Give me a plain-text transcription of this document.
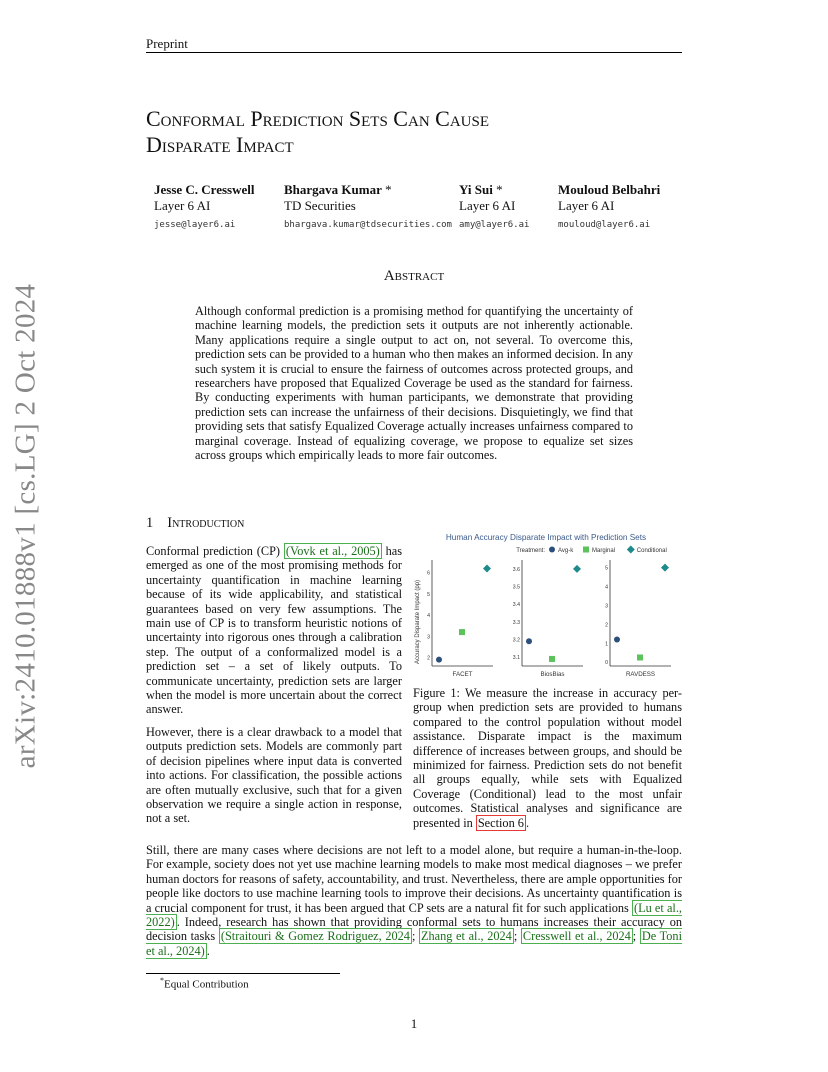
Preprint
arXiv:2410.01888v1 [cs.LG] 2 Oct 2024
Conformal Prediction Sets Can Cause
Disparate Impact
Jesse C. Cresswell
Layer 6 AI
jesse@layer6.ai
Bhargava Kumar *
TD Securities
bhargava.kumar@tdsecurities.com
Yi Sui *
Layer 6 AI
amy@layer6.ai
Mouloud Belbahri
Layer 6 AI
mouloud@layer6.ai
Abstract
Although conformal prediction is a promising method for quantifying the uncertainty of machine learning models, the prediction sets it outputs are not inherently actionable. Many applications require a single output to act on, not several. To overcome this, prediction sets can be provided to a human who then makes an informed decision. In any such system it is crucial to ensure the fairness of outcomes across protected groups, and researchers have proposed that Equalized Coverage be used as the standard for fairness. By conducting experiments with human participants, we demonstrate that providing prediction sets can increase the unfairness of their decisions. Disquietingly, we find that providing sets that satisfy Equalized Coverage actually increases unfairness compared to marginal coverage. Instead of equalizing coverage, we propose to equalize set sizes across groups which empirically leads to more fair outcomes.
1 Introduction

Conformal prediction (CP) (Vovk et al., 2005) has emerged as one of the most promising methods for uncertainty quantification in machine learning because of its wide applicability, and statistical guarantees based on very few assumptions. The main use of CP is to transform heuristic notions of uncertainty into rigorous ones through a calibration step. The output of a conformalized model is a prediction set – a set of likely outputs. To communicate uncertainty, prediction sets are larger when the model is more uncertain about the correct answer.

However, there is a clear drawback to a model that outputs prediction sets. Models are commonly part of decision pipelines where input data is converted into actions. For classification, the possible actions are often mutually exclusive, such that for a given observation we require a single action in response, not a set.

Human Accuracy Disparate Impact with Prediction Sets
Treatment: Avg-k	Marginal	Conditional
Accuracy Disparate Impact (pp) 2
3
4
5
6
FACET
3.1
3.2
3.3
3.4
3.5
3.6
BiosBias
0
1
2
3
4
5
RAVDESS

Figure 1: We measure the increase in accuracy per-group when prediction sets are provided to humans compared to the control population without model assistance. Disparate impact is the maximum difference of increases between groups, and should be minimized for fairness. Prediction sets do not benefit all groups equally, while sets with Equalized Coverage (Conditional) lead to the most unfair outcomes. Statistical analyses and significance are presented in Section 6 .

Still, there are many cases where decisions are not left to a model alone, but require a human-in-the-loop. For example, society does not yet use machine learning models to make most medical diagnoses – we prefer human doctors for reasons of safety, accountability, and trust. Nevertheless, there are ample opportunities for people like doctors to use machine learning tools to improve their decisions. As uncertainty quantification is a crucial component for trust, it has been argued that CP sets are a natural fit for such applications (Lu et al., 2022) . Indeed, research has shown that providing conformal sets to humans increases their accuracy on decision tasks (Straitouri & Gomez Rodriguez, 2024 ; Zhang et al., 2024 ; Cresswell et al., 2024 ; De Toni et al., 2024) .
*Equal Contribution
1
